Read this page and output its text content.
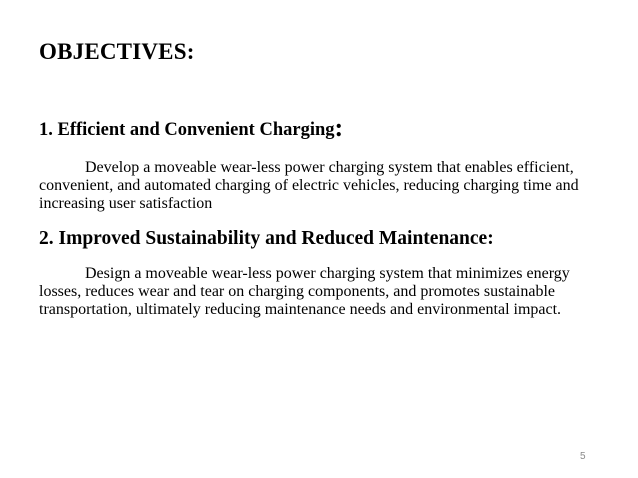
OBJECTIVES:
1. Efficient and Convenient Charging:
Develop a moveable wear-less power charging system that enables efficient, convenient, and automated charging of electric vehicles, reducing charging time and increasing user satisfaction
2. Improved Sustainability and Reduced Maintenance:
Design a moveable wear-less power charging system that minimizes energy losses, reduces wear and tear on charging components, and promotes sustainable transportation, ultimately reducing maintenance needs and environmental impact.
5
